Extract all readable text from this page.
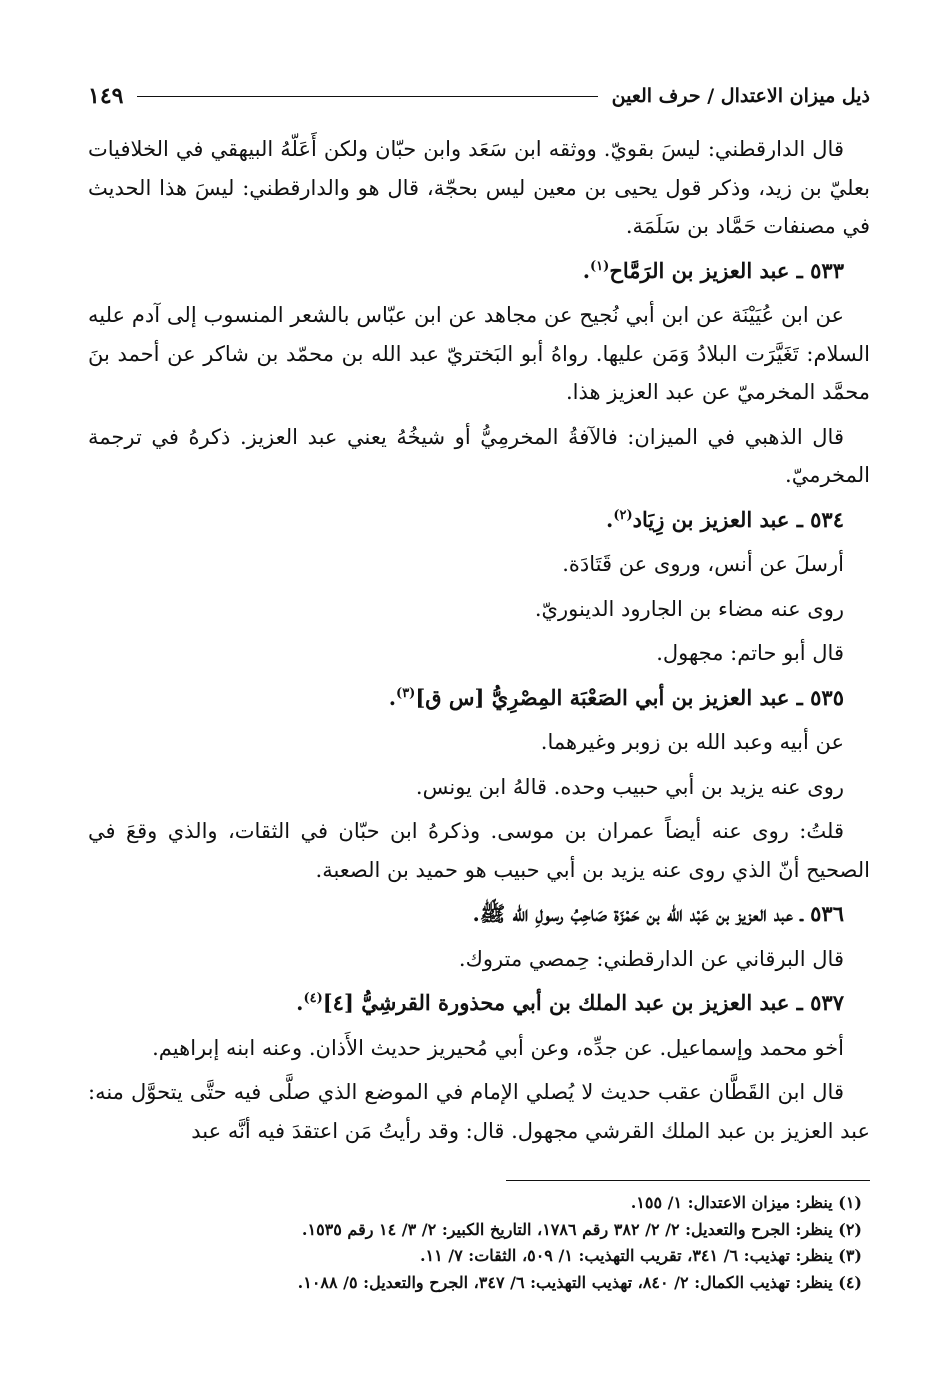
ذيل ميزان الاعتدال / حرف العين
١٤٩

قال الدارقطني: ليسَ بقويّ. ووثقه ابن سَعَد وابن حبّان ولكن أَعَلّهُ البيهقي في الخلافيات بعليّ بن زيد، وذكر قول يحيى بن معين ليس بحجّة، قال هو والدارقطني: ليسَ هذا الحديث في مصنفات حَمَّاد بن سَلَمَة.

٥٣٣ ـ عبد العزيز بن الرَمَّاح$^{(١)}$.

عن ابن عُيَيْنَة عن ابن أبي نُجيح عن مجاهد عن ابن عبّاس بالشعر المنسوب إلى آدم عليه السلام: تَغَيَّرَت البلادُ وَمَن عليها. رواهُ أبو البَختريّ عبد الله بن محمّد بن شاكر عن أحمد بنَ محمَّد المخرميّ عن عبد العزيز هذا.

قال الذهبي في الميزان: فالآفةُ المخرمِيُّ أو شيخُهُ يعني عبد العزيز. ذكرهُ في ترجمة المخرميّ.

٥٣٤ ـ عبد العزيز بن زِيَاد$^{(٢)}$.

أرسلَ عن أنس، وروى عن قَتَادَة.

روى عنه مضاء بن الجارود الدينوريّ.

قال أبو حاتم: مجهول.

٥٣٥ ـ عبد العزيز بن أبي الصَعْبَة المِصْرِيُّ [س ق]$^{(٣)}$.

عن أبيه وعبد الله بن زوبر وغيرهما.

روى عنه يزيد بن أبي حبيب وحده. قالهُ ابن يونس.

قلتُ: روى عنه أيضاً عمران بن موسى. وذكرهُ ابن حبّان في الثقات، والذي وقعَ في الصحيح أنّ الذي روى عنه يزيد بن أبي حبيب هو حميد بن الصعبة.

٥٣٦ ـ عبد العزيز بن عَبْد الله بن حَمْزَة صَاحِبُ رسولِ الله ﷺ.

قال البرقاني عن الدارقطني: حِمصي متروك.

٥٣٧ ـ عبد العزيز بن عبد الملك بن أبي محذورة القرشِيُّ [٤]$^{(٤)}$.

أخو محمد وإسماعيل. عن جدِّه، وعن أبي مُحيريز حديث الأَذان. وعنه ابنه إبراهيم.

قال ابن القَطَّان عقب حديث لا يُصلي الإمام في الموضع الذي صلَّى فيه حتَّى يتحوَّل منه: عبد العزيز بن عبد الملك القرشي مجهول. قال: وقد رأيتُ مَن اعتقدَ فيه أنَّه عبد

(١) ينظر: ميزان الاعتدال: ١/ ١٥٥.
(٢) ينظر: الجرح والتعديل: ٢/ ٢/ ٣٨٢ رقم ١٧٨٦، التاريخ الكبير: ٢/ ٣/ ١٤ رقم ١٥٣٥.
(٣) ينظر: تهذيب: ٦/ ٣٤١، تقريب التهذيب: ١/ ٥٠٩، الثقات: ٧/ ١١.
(٤) ينظر: تهذيب الكمال: ٢/ ٨٤٠، تهذيب التهذيب: ٦/ ٣٤٧، الجرح والتعديل: ٥/ ١٠٨٨.
